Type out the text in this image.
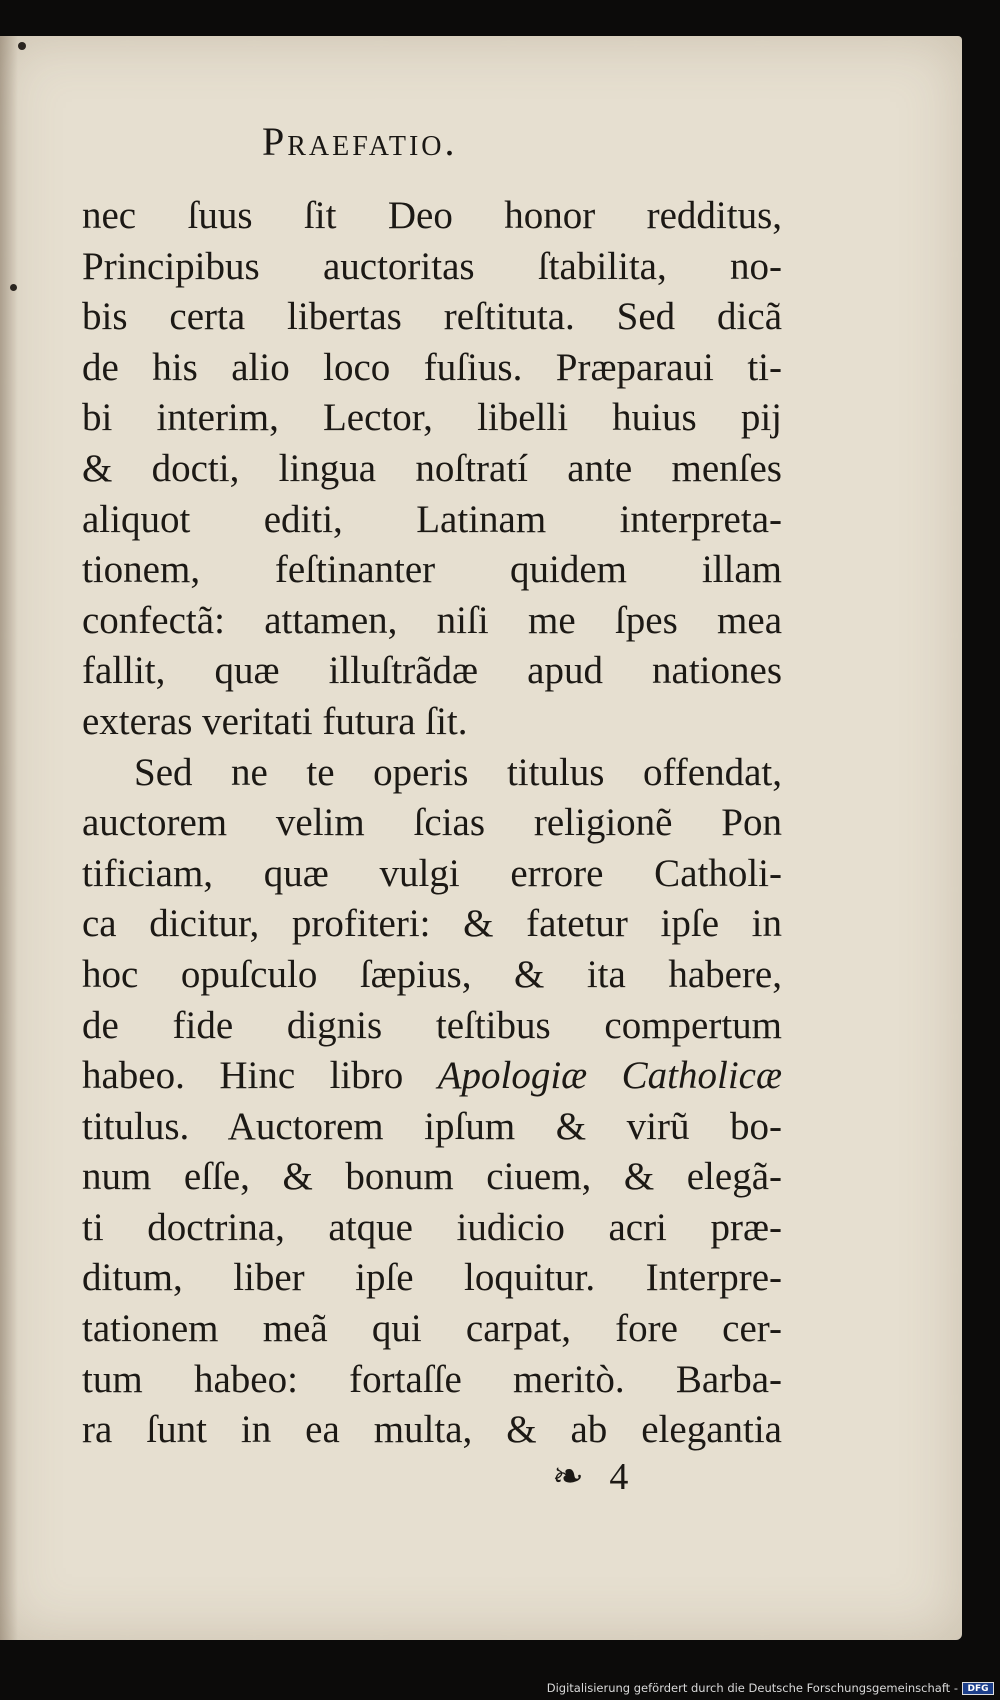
Praefatio.
nec ſuus ſit Deo honor redditus,
Principibus auctoritas ſtabilita, no-
bis certa libertas reſtituta. Sed dicã
de his alio loco fuſius. Præparaui ti-
bi interim, Lector, libelli huius pij
& docti, lingua noſtratí ante menſes
aliquot editi, Latinam interpreta-
tionem, feſtinanter quidem illam
confectã: attamen, niſi me ſpes mea
fallit, quæ illuſtrãdæ apud nationes
exteras veritati futura ſit.
Sed ne te operis titulus offendat,
auctorem velim ſcias religionẽ Pon
tificiam, quæ vulgi errore Catholi-
ca dicitur, profiteri: & fatetur ipſe in
hoc opuſculo ſæpius, & ita habere,
de fide dignis teſtibus compertum
habeo. Hinc libro Apologiæ Catholicæ
titulus. Auctorem ipſum & virũ bo-
num eſſe, & bonum ciuem, & elegã-
ti doctrina, atque iudicio acri præ-
ditum, liber ipſe loquitur. Interpre-
tationem meã qui carpat, fore cer-
tum habeo: fortaſſe meritò. Barba-
ra ſunt in ea multa, & ab elegantia
❧ 4
Digitalisierung gefördert durch die Deutsche Forschungsgemeinschaft -	DFG
